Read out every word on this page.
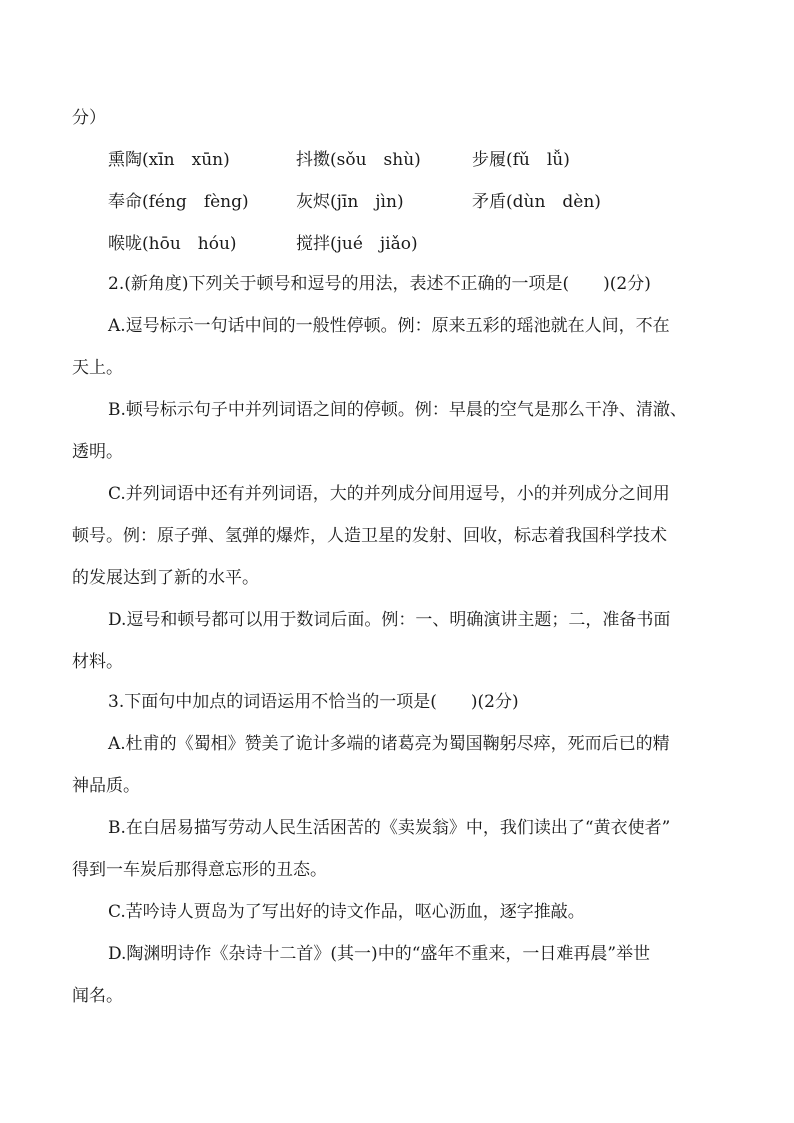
分）
熏陶(xīn　xūn)	抖擞(sǒu　shù)	步履(fǔ　lǚ)
奉命(féng　fèng)	灰烬(jīn　jìn)	矛盾(dùn　dèn)
喉咙(hōu　hóu)	搅拌(jué　jiǎo)
2.(新角度)下列关于顿号和逗号的用法，表述不正确的一项是( )(2分)
A.逗号标示一句话中间的一般性停顿。例：原来五彩的瑶池就在人间，不在
天上。
B.顿号标示句子中并列词语之间的停顿。例：早晨的空气是那么干净、清澈、
透明。
C.并列词语中还有并列词语，大的并列成分间用逗号，小的并列成分之间用
顿号。例：原子弹、氢弹的爆炸，人造卫星的发射、回收，标志着我国科学技术
的发展达到了新的水平。
D.逗号和顿号都可以用于数词后面。例：一、明确演讲主题；二，准备书面
材料。
3.下面句中加点的词语运用不恰当的一项是( )(2分)
A.杜甫的《蜀相》赞美了诡计多端的诸葛亮为蜀国鞠躬尽瘁，死而后已的精
神品质。
B.在白居易描写劳动人民生活困苦的《卖炭翁》中，我们读出了“黄衣使者”
得到一车炭后那得意忘形的丑态。
C.苦吟诗人贾岛为了写出好的诗文作品，呕心沥血，逐字推敲。
D.陶渊明诗作《杂诗十二首》(其一)中的“盛年不重来，一日难再晨”举世
闻名。
